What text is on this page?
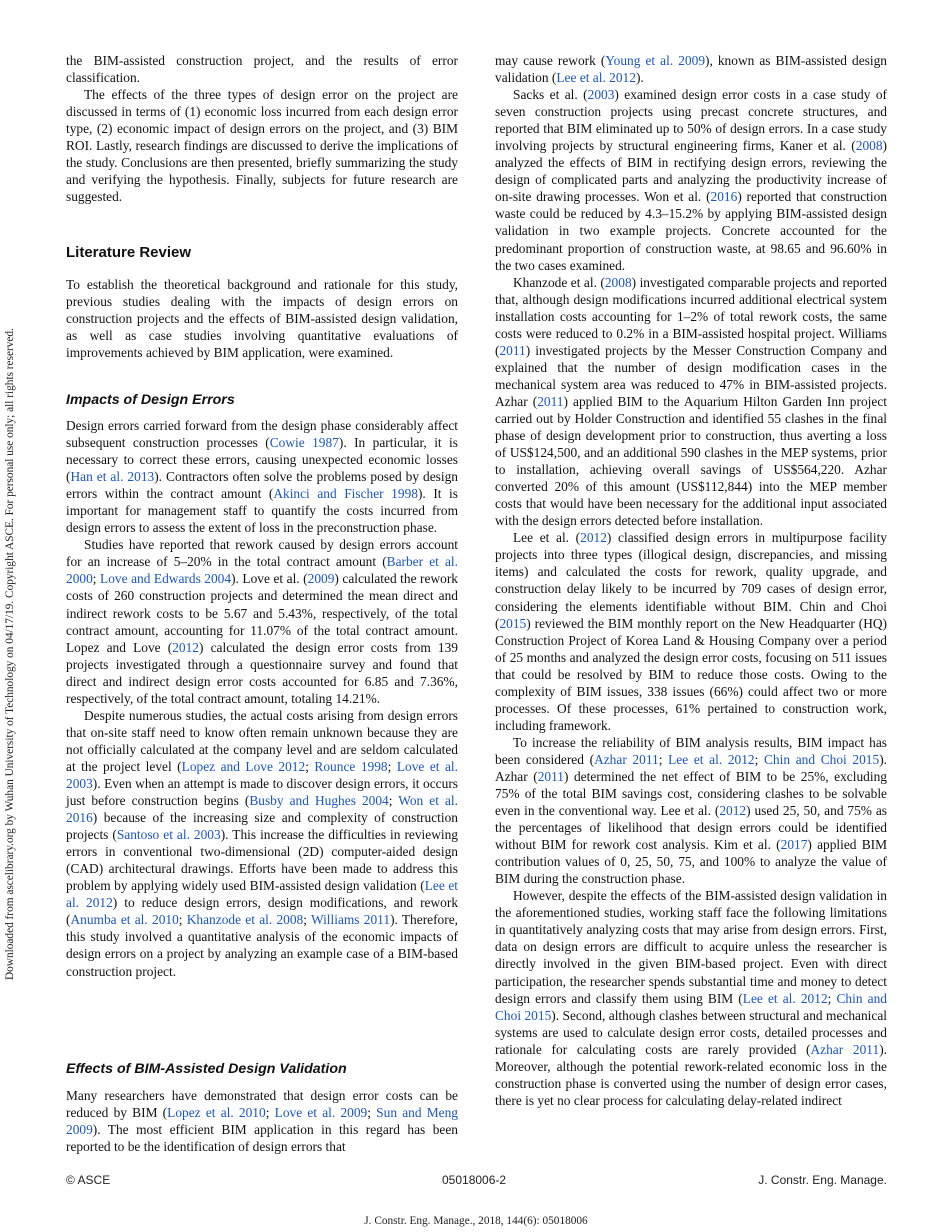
Downloaded from ascelibrary.org by Wuhan University of Technology on 04/17/19. Copyright ASCE. For personal use only; all rights reserved.

the BIM-assisted construction project, and the results of error classification.

The effects of the three types of design error on the project are discussed in terms of (1) economic loss incurred from each design error type, (2) economic impact of design errors on the project, and (3) BIM ROI. Lastly, research findings are discussed to derive the implications of the study. Conclusions are then presented, briefly summarizing the study and verifying the hypothesis. Finally, subjects for future research are suggested.

Literature Review

To establish the theoretical background and rationale for this study, previous studies dealing with the impacts of design errors on construction projects and the effects of BIM-assisted design validation, as well as case studies involving quantitative evaluations of improvements achieved by BIM application, were examined.

Impacts of Design Errors

Design errors carried forward from the design phase considerably affect subsequent construction processes (Cowie 1987). In particular, it is necessary to correct these errors, causing unexpected economic losses (Han et al. 2013). Contractors often solve the problems posed by design errors within the contract amount (Akinci and Fischer 1998). It is important for management staff to quantify the costs incurred from design errors to assess the extent of loss in the preconstruction phase.

Studies have reported that rework caused by design errors account for an increase of 5–20% in the total contract amount (Barber et al. 2000; Love and Edwards 2004). Love et al. (2009) calculated the rework costs of 260 construction projects and determined the mean direct and indirect rework costs to be 5.67 and 5.43%, respectively, of the total contract amount, accounting for 11.07% of the total contract amount. Lopez and Love (2012) calculated the design error costs from 139 projects investigated through a questionnaire survey and found that direct and indirect design error costs accounted for 6.85 and 7.36%, respectively, of the total contract amount, totaling 14.21%.

Despite numerous studies, the actual costs arising from design errors that on-site staff need to know often remain unknown because they are not officially calculated at the company level and are seldom calculated at the project level (Lopez and Love 2012; Rounce 1998; Love et al. 2003). Even when an attempt is made to discover design errors, it occurs just before construction begins (Busby and Hughes 2004; Won et al. 2016) because of the increasing size and complexity of construction projects (Santoso et al. 2003). This increase the difficulties in reviewing errors in conventional two-dimensional (2D) computer-aided design (CAD) architectural drawings. Efforts have been made to address this problem by applying widely used BIM-assisted design validation (Lee et al. 2012) to reduce design errors, design modifications, and rework (Anumba et al. 2010; Khanzode et al. 2008; Williams 2011). Therefore, this study involved a quantitative analysis of the economic impacts of design errors on a project by analyzing an example case of a BIM-based construction project.

Effects of BIM-Assisted Design Validation

Many researchers have demonstrated that design error costs can be reduced by BIM (Lopez et al. 2010; Love et al. 2009; Sun and Meng 2009). The most efficient BIM application in this regard has been reported to be the identification of design errors that

may cause rework (Young et al. 2009), known as BIM-assisted design validation (Lee et al. 2012).

Sacks et al. (2003) examined design error costs in a case study of seven construction projects using precast concrete structures, and reported that BIM eliminated up to 50% of design errors. In a case study involving projects by structural engineering firms, Kaner et al. (2008) analyzed the effects of BIM in rectifying design errors, reviewing the design of complicated parts and analyzing the productivity increase of on-site drawing processes. Won et al. (2016) reported that construction waste could be reduced by 4.3–15.2% by applying BIM-assisted design validation in two example projects. Concrete accounted for the predominant proportion of construction waste, at 98.65 and 96.60% in the two cases examined.

Khanzode et al. (2008) investigated comparable projects and reported that, although design modifications incurred additional electrical system installation costs accounting for 1–2% of total rework costs, the same costs were reduced to 0.2% in a BIM-assisted hospital project. Williams (2011) investigated projects by the Messer Construction Company and explained that the number of design modification cases in the mechanical system area was reduced to 47% in BIM-assisted projects. Azhar (2011) applied BIM to the Aquarium Hilton Garden Inn project carried out by Holder Construction and identified 55 clashes in the final phase of design development prior to construction, thus averting a loss of US$124,500, and an additional 590 clashes in the MEP systems, prior to installation, achieving overall savings of US$564,220. Azhar converted 20% of this amount (US$112,844) into the MEP member costs that would have been necessary for the additional input associated with the design errors detected before installation.

Lee et al. (2012) classified design errors in multipurpose facility projects into three types (illogical design, discrepancies, and missing items) and calculated the costs for rework, quality upgrade, and construction delay likely to be incurred by 709 cases of design error, considering the elements identifiable without BIM. Chin and Choi (2015) reviewed the BIM monthly report on the New Headquarter (HQ) Construction Project of Korea Land & Housing Company over a period of 25 months and analyzed the design error costs, focusing on 511 issues that could be resolved by BIM to reduce those costs. Owing to the complexity of BIM issues, 338 issues (66%) could affect two or more processes. Of these processes, 61% pertained to construction work, including framework.

To increase the reliability of BIM analysis results, BIM impact has been considered (Azhar 2011; Lee et al. 2012; Chin and Choi 2015). Azhar (2011) determined the net effect of BIM to be 25%, excluding 75% of the total BIM savings cost, considering clashes to be solvable even in the conventional way. Lee et al. (2012) used 25, 50, and 75% as the percentages of likelihood that design errors could be identified without BIM for rework cost analysis. Kim et al. (2017) applied BIM contribution values of 0, 25, 50, 75, and 100% to analyze the value of BIM during the construction phase.

However, despite the effects of the BIM-assisted design validation in the aforementioned studies, working staff face the following limitations in quantitatively analyzing costs that may arise from design errors. First, data on design errors are difficult to acquire unless the researcher is directly involved in the given BIM-based project. Even with direct participation, the researcher spends substantial time and money to detect design errors and classify them using BIM (Lee et al. 2012; Chin and Choi 2015). Second, although clashes between structural and mechanical systems are used to calculate design error costs, detailed processes and rationale for calculating costs are rarely provided (Azhar 2011). Moreover, although the potential rework-related economic loss in the construction phase is converted using the number of design error cases, there is yet no clear process for calculating delay-related indirect

© ASCE	05018006-2	J. Constr. Eng. Manage.
J. Constr. Eng. Manage., 2018, 144(6): 05018006
